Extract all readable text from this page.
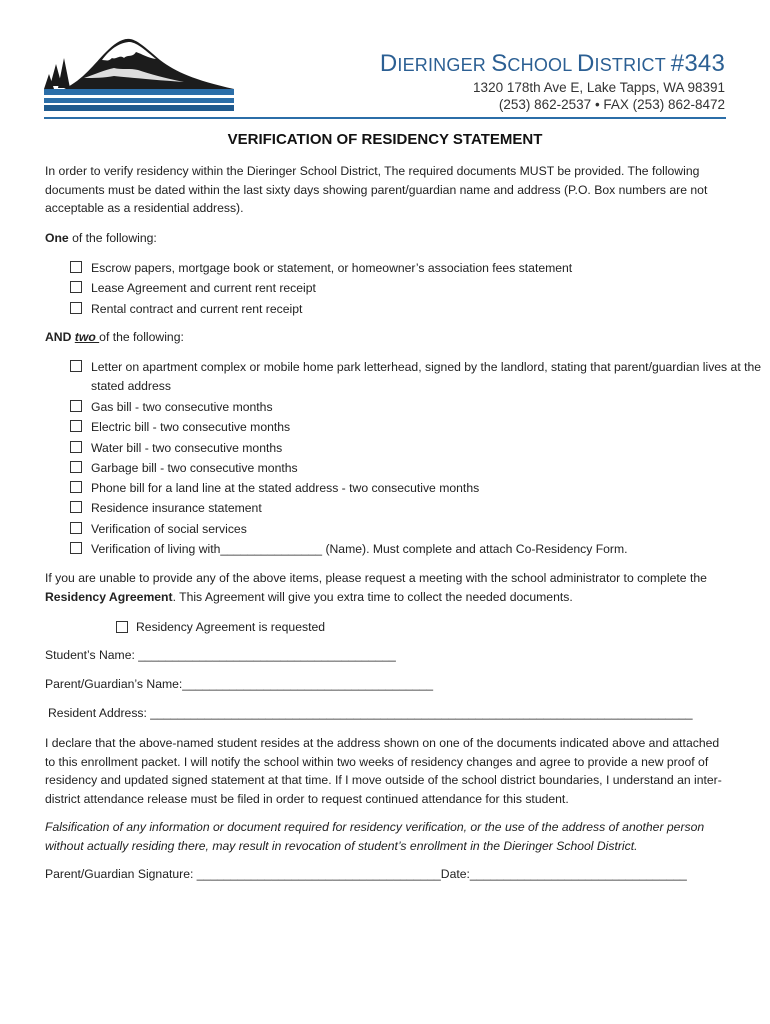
DIERINGER SCHOOL DISTRICT #343
1320 178th Ave E, Lake Tapps, WA 98391
(253) 862-2537 • FAX (253) 862-8472
VERIFICATION OF RESIDENCY STATEMENT
In order to verify residency within the Dieringer School District, The required documents MUST be provided. The following documents must be dated within the last sixty days showing parent/guardian name and address (P.O. Box numbers are not acceptable as a residential address).
One of the following:
Escrow papers, mortgage book or statement, or homeowner’s association fees statement
Lease Agreement and current rent receipt
Rental contract and current rent receipt
AND two of the following:
Letter on apartment complex or mobile home park letterhead, signed by the landlord, stating that parent/guardian lives at the stated address
Gas bill - two consecutive months
Electric bill - two consecutive months
Water bill - two consecutive months
Garbage bill - two consecutive months
Phone bill for a land line at the stated address - two consecutive months
Residence insurance statement
Verification of social services
Verification of living with_______________ (Name). Must complete and attach Co-Residency Form.
If you are unable to provide any of the above items, please request a meeting with the school administrator to complete the Residency Agreement. This Agreement will give you extra time to collect the needed documents.
Residency Agreement is requested
Student’s Name: ______________________________________
Parent/Guardian’s Name:_____________________________________
Resident Address: ________________________________________________________________________________
I declare that the above-named student resides at the address shown on one of the documents indicated above and attached to this enrollment packet. I will notify the school within two weeks of residency changes and agree to provide a new proof of residency and updated signed statement at that time. If I move outside of the school district boundaries, I understand an inter-district attendance release must be filed in order to request continued attendance for this student.
Falsification of any information or document required for residency verification, or the use of the address of another person without actually residing there, may result in revocation of student’s enrollment in the Dieringer School District.
Parent/Guardian Signature: ____________________________________Date:________________________________
